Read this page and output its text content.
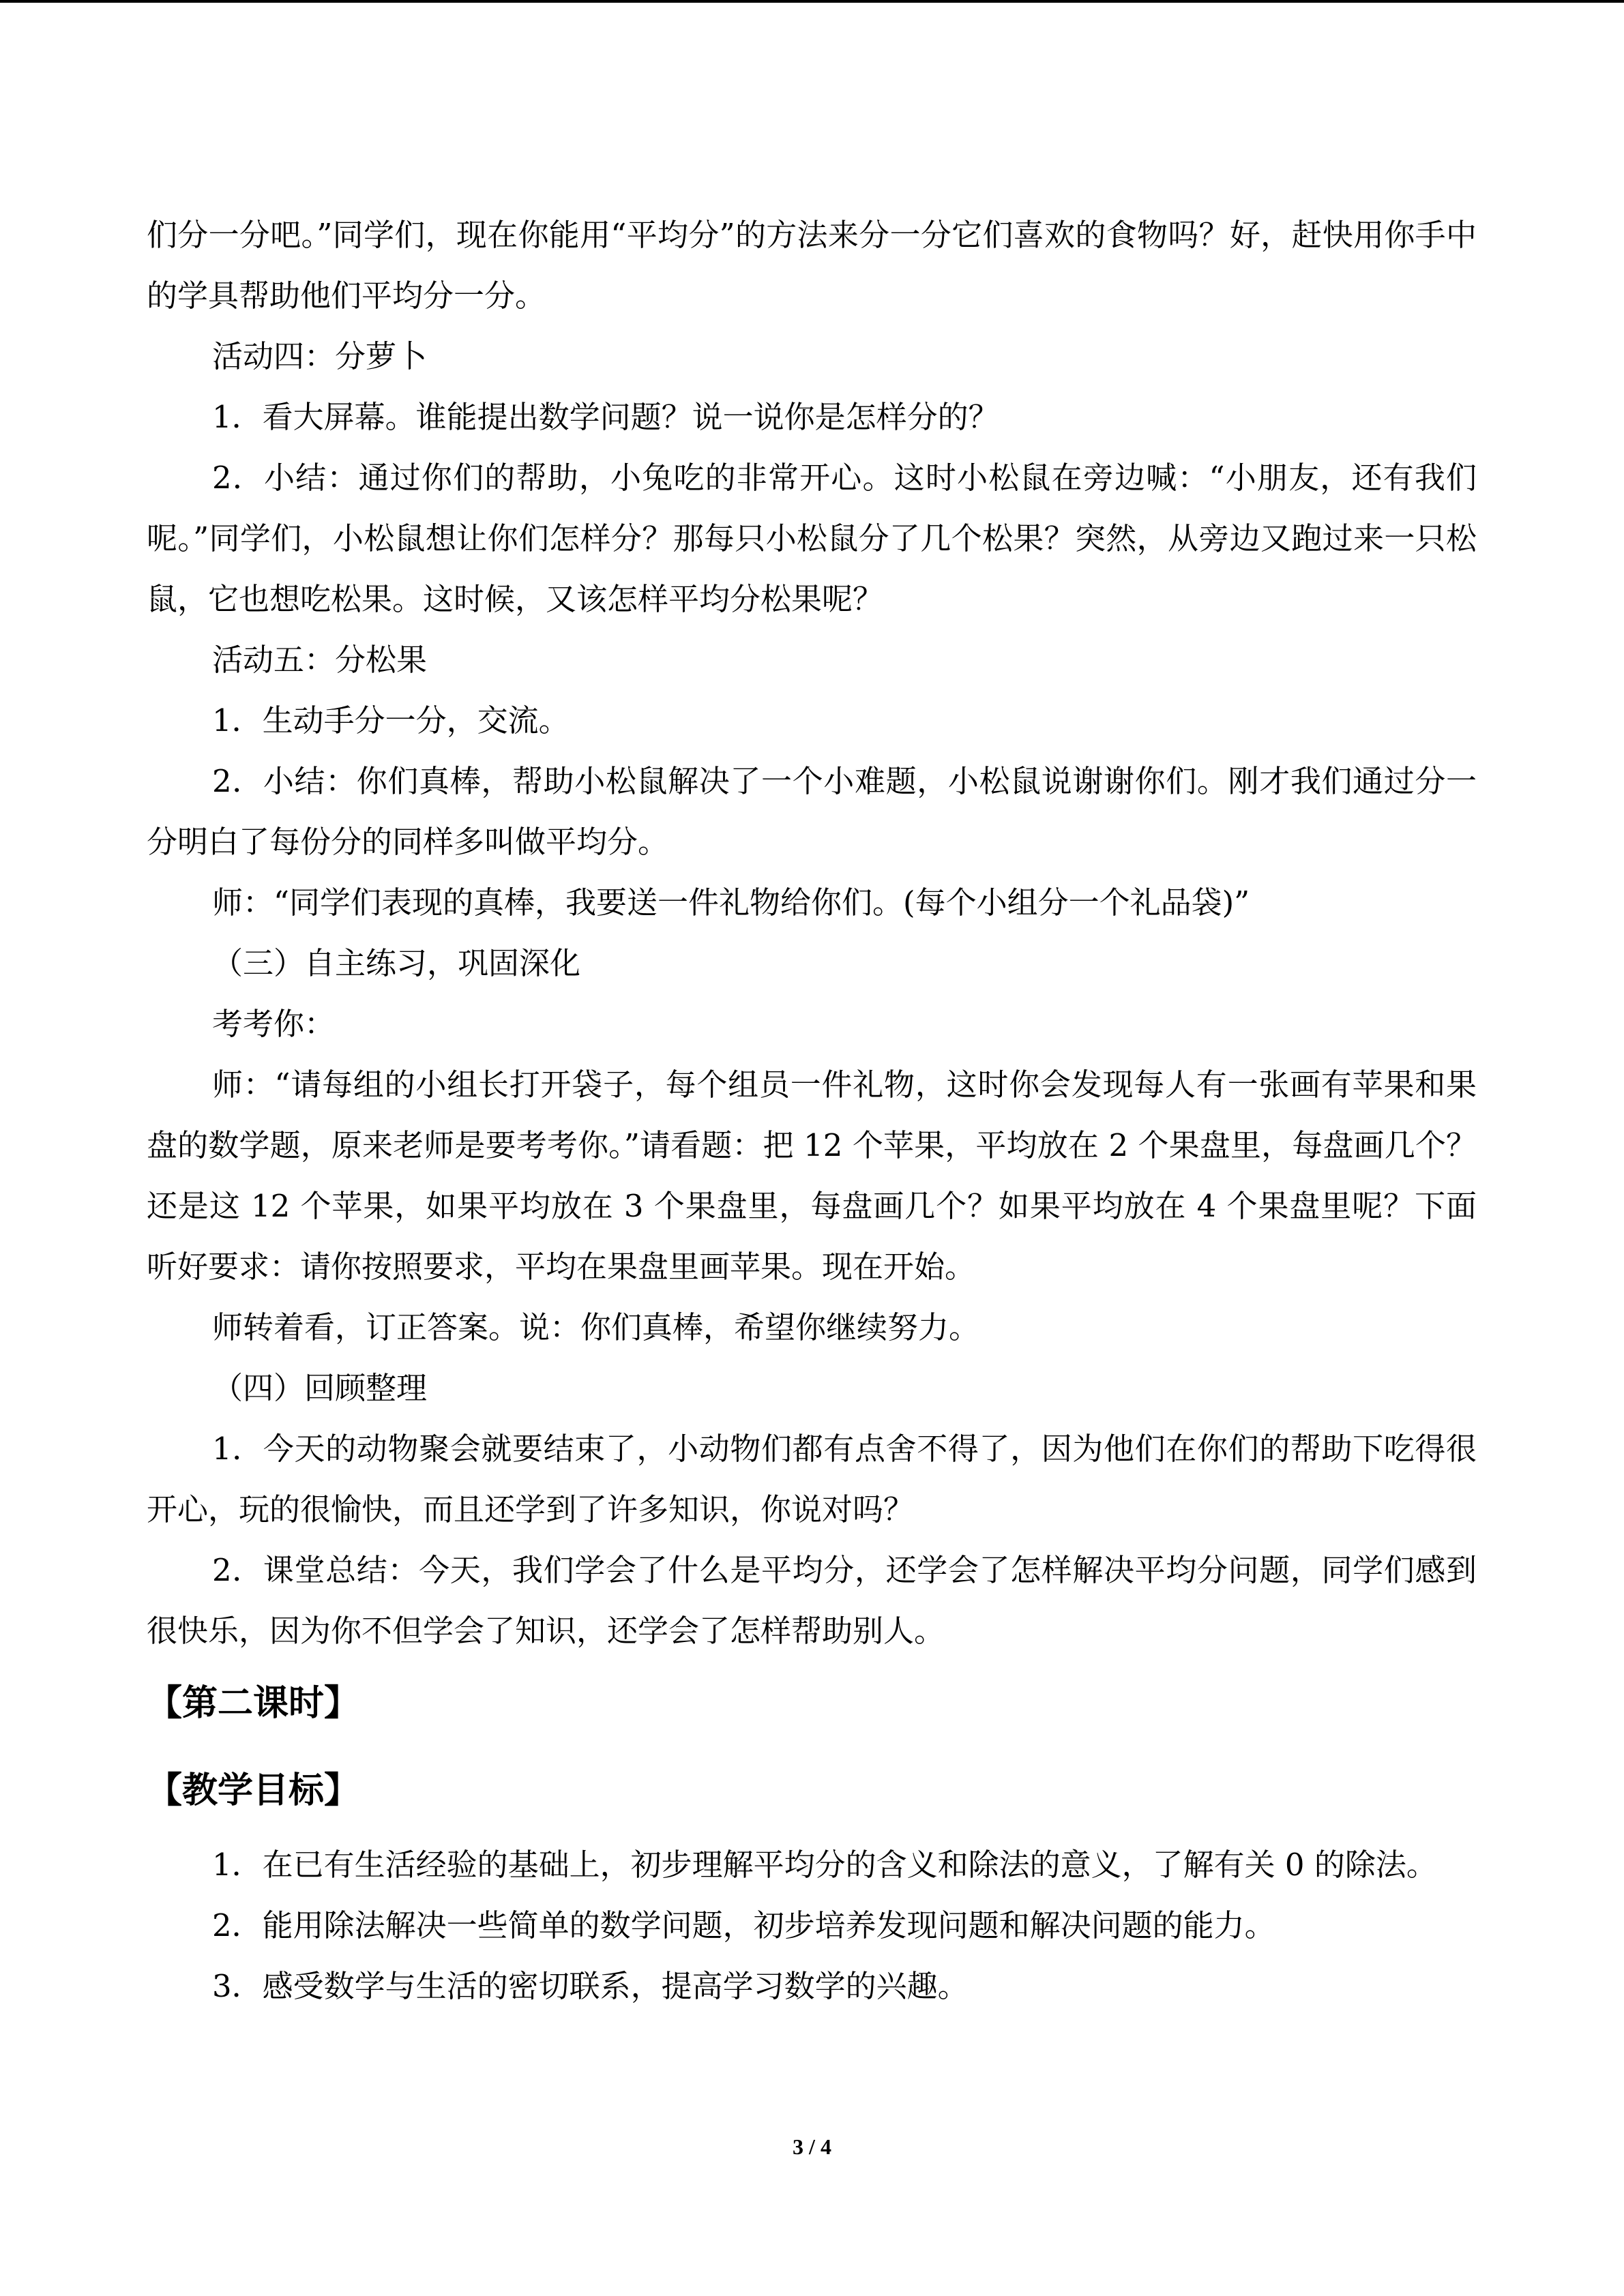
们分一分吧。”同学们，现在你能用“平均分”的方法来分一分它们喜欢的食物吗？好，赶快用你手中的学具帮助他们平均分一分。

活动四：分萝卜

1．看大屏幕。谁能提出数学问题？说一说你是怎样分的？

2．小结：通过你们的帮助，小兔吃的非常开心。这时小松鼠在旁边喊：“小朋友，还有我们呢。”同学们，小松鼠想让你们怎样分？那每只小松鼠分了几个松果？突然，从旁边又跑过来一只松鼠，它也想吃松果。这时候，又该怎样平均分松果呢？

活动五：分松果

1．生动手分一分，交流。

2．小结：你们真棒，帮助小松鼠解决了一个小难题，小松鼠说谢谢你们。刚才我们通过分一分明白了每份分的同样多叫做平均分。

师：“同学们表现的真棒，我要送一件礼物给你们。(每个小组分一个礼品袋)”

（三）自主练习，巩固深化

考考你：

师：“请每组的小组长打开袋子，每个组员一件礼物，这时你会发现每人有一张画有苹果和果盘的数学题，原来老师是要考考你。”请看题：把 12 个苹果，平均放在 2 个果盘里，每盘画几个？还是这 12 个苹果，如果平均放在 3 个果盘里，每盘画几个？如果平均放在 4 个果盘里呢？下面听好要求：请你按照要求，平均在果盘里画苹果。现在开始。

师转着看，订正答案。说：你们真棒，希望你继续努力。

（四）回顾整理

1．今天的动物聚会就要结束了，小动物们都有点舍不得了，因为他们在你们的帮助下吃得很开心，玩的很愉快，而且还学到了许多知识，你说对吗？

2．课堂总结：今天，我们学会了什么是平均分，还学会了怎样解决平均分问题，同学们感到很快乐，因为你不但学会了知识，还学会了怎样帮助别人。

【第二课时】
【教学目标】

1．在已有生活经验的基础上，初步理解平均分的含义和除法的意义，了解有关 0 的除法。

2．能用除法解决一些简单的数学问题，初步培养发现问题和解决问题的能力。

3．感受数学与生活的密切联系，提高学习数学的兴趣。

3 / 4
